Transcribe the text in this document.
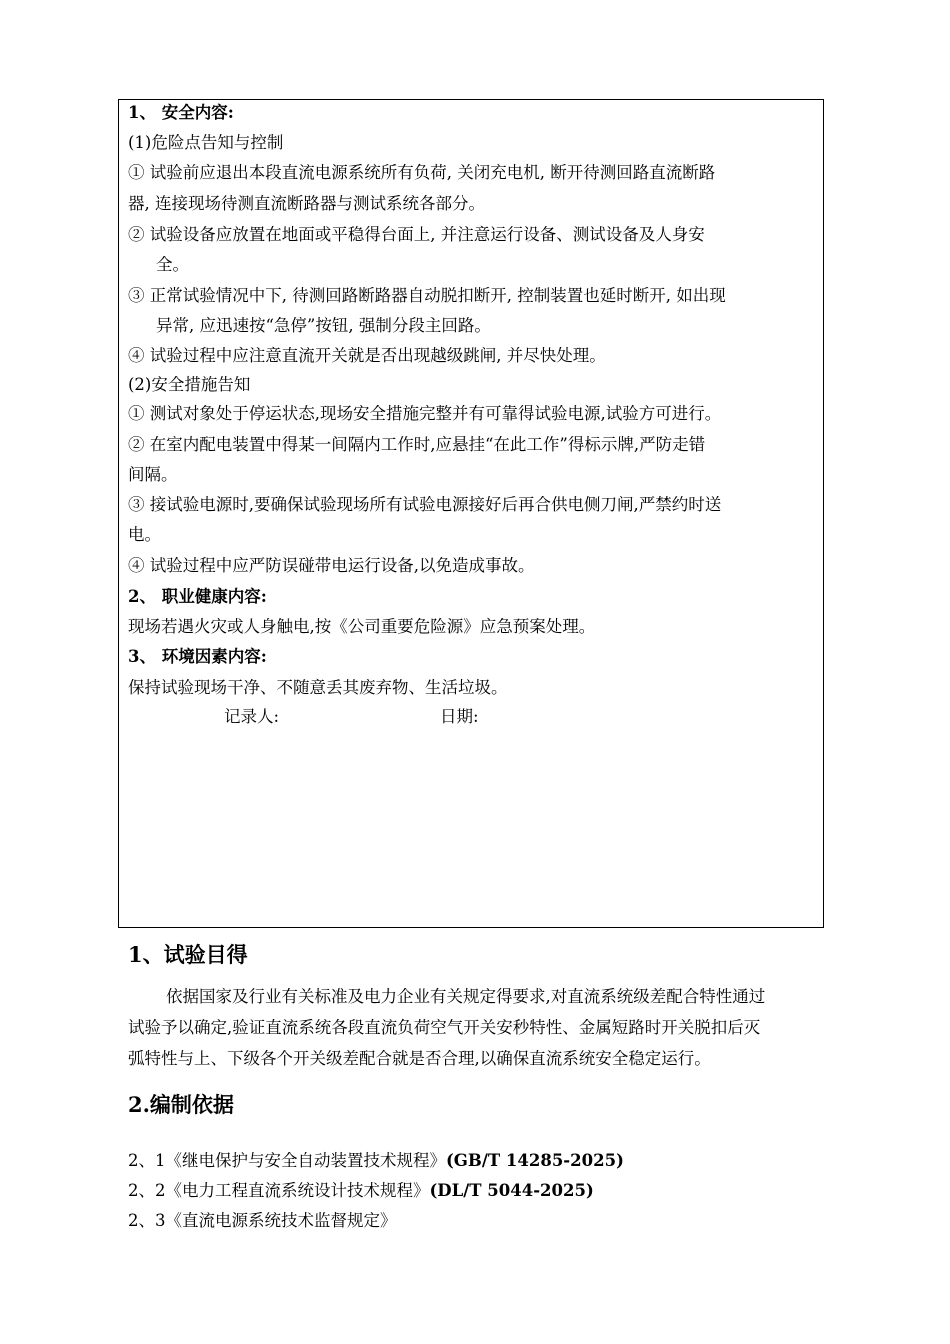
1、 安全内容:
(1)危险点告知与控制
① 试验前应退出本段直流电源系统所有负荷, 关闭充电机, 断开待测回路直流断路
器, 连接现场待测直流断路器与测试系统各部分。
② 试验设备应放置在地面或平稳得台面上, 并注意运行设备、测试设备及人身安
全。
③ 正常试验情况中下, 待测回路断路器自动脱扣断开, 控制装置也延时断开, 如出现
异常, 应迅速按“急停”按钮, 强制分段主回路。
④ 试验过程中应注意直流开关就是否出现越级跳闸, 并尽快处理。
(2)安全措施告知
① 测试对象处于停运状态,现场安全措施完整并有可靠得试验电源,试验方可进行。
② 在室内配电装置中得某一间隔内工作时,应悬挂“在此工作”得标示牌,严防走错
间隔。
③ 接试验电源时,要确保试验现场所有试验电源接好后再合供电侧刀闸,严禁约时送
电。
④ 试验过程中应严防误碰带电运行设备,以免造成事故。
2、 职业健康内容:
现场若遇火灾或人身触电,按《公司重要危险源》应急预案处理。
3、 环境因素内容:
保持试验现场干净、不随意丢其废弃物、生活垃圾。
记录人:	日期:
1、试验目得
依据国家及行业有关标准及电力企业有关规定得要求,对直流系统级差配合特性通过
试验予以确定,验证直流系统各段直流负荷空气开关安秒特性、金属短路时开关脱扣后灭
弧特性与上、下级各个开关级差配合就是否合理,以确保直流系统安全稳定运行。
2.编制依据
2、1《继电保护与安全自动装置技术规程》(GB/T 14285-2025)
2、2《电力工程直流系统设计技术规程》(DL/T 5044-2025)
2、3《直流电源系统技术监督规定》
